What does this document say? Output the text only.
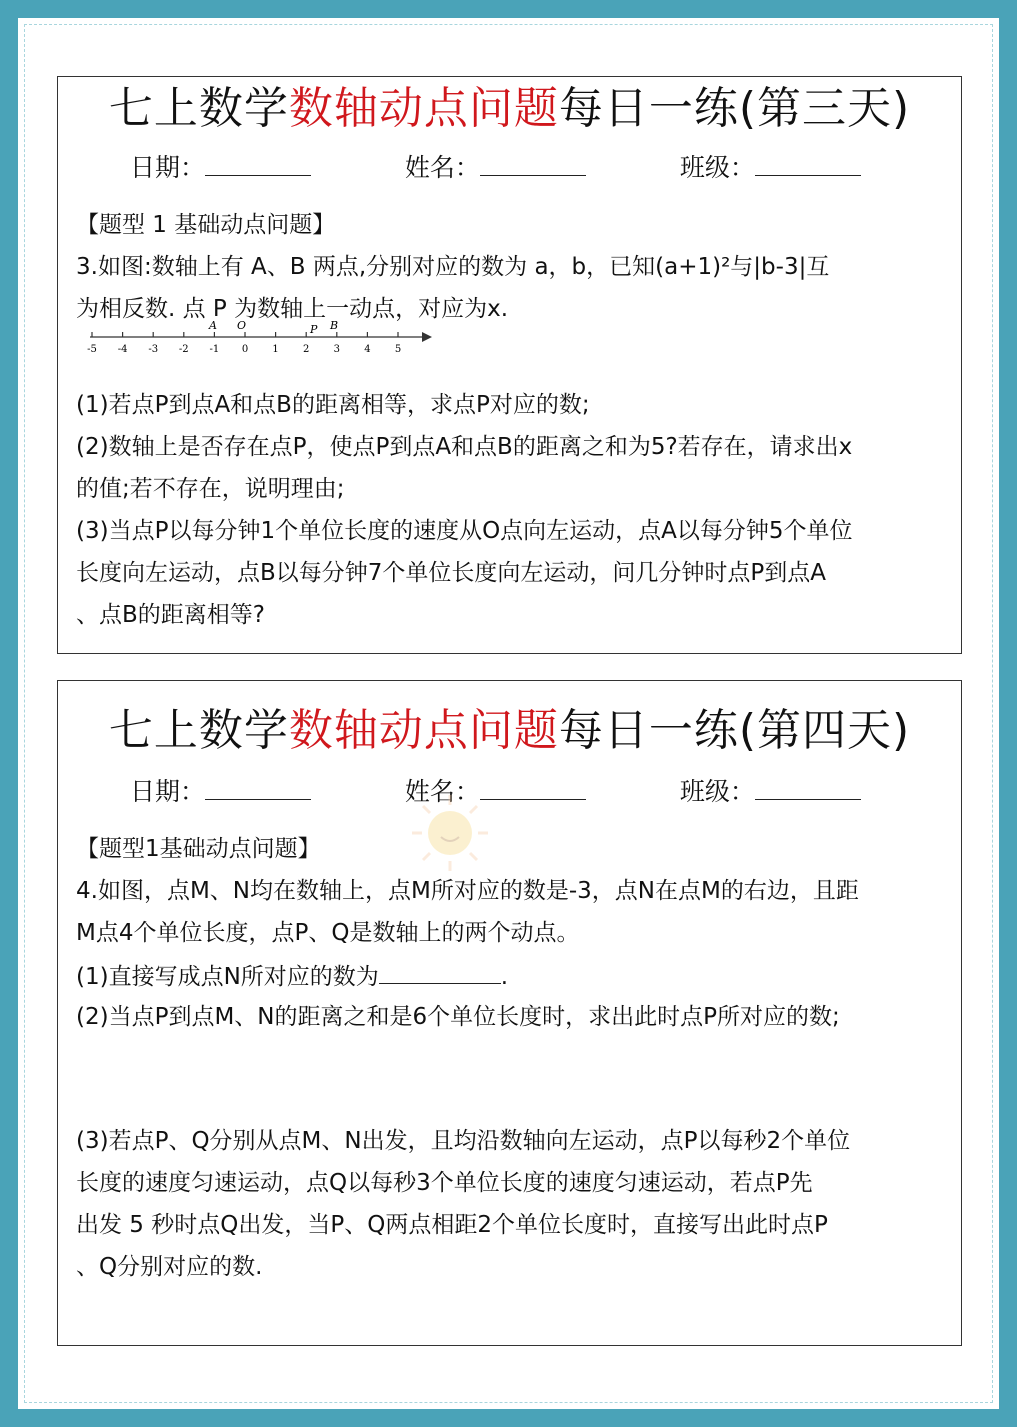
七上数学数轴动点问题每日一练(第三天)
日期：	姓名：	班级：
【题型 1 基础动点问题】
3.如图:数轴上有 A、B 两点,分别对应的数为 a，b，已知(a+1)²与|b-3|互
为相反数. 点 P 为数轴上一动点，对应为x.
-5 -4 -3 -2 -1 0 1 2 3 4 5
A O	P B
(1)若点P到点A和点B的距离相等，求点P对应的数;
(2)数轴上是否存在点P，使点P到点A和点B的距离之和为5?若存在，请求出x
的值;若不存在，说明理由;
(3)当点P以每分钟1个单位长度的速度从O点向左运动，点A以每分钟5个单位
长度向左运动，点B以每分钟7个单位长度向左运动，问几分钟时点P到点A
、点B的距离相等?
七上数学数轴动点问题每日一练(第四天)
日期：	姓名：	班级：
【题型1基础动点问题】
4.如图，点M、N均在数轴上，点M所对应的数是-3，点N在点M的右边，且距
M点4个单位长度，点P、Q是数轴上的两个动点。
(1)直接写成点N所对应的数为	.
(2)当点P到点M、N的距离之和是6个单位长度时，求出此时点P所对应的数;
(3)若点P、Q分别从点M、N出发，且均沿数轴向左运动，点P以每秒2个单位
长度的速度匀速运动，点Q以每秒3个单位长度的速度匀速运动，若点P先
出发 5 秒时点Q出发，当P、Q两点相距2个单位长度时，直接写出此时点P
、Q分别对应的数.
